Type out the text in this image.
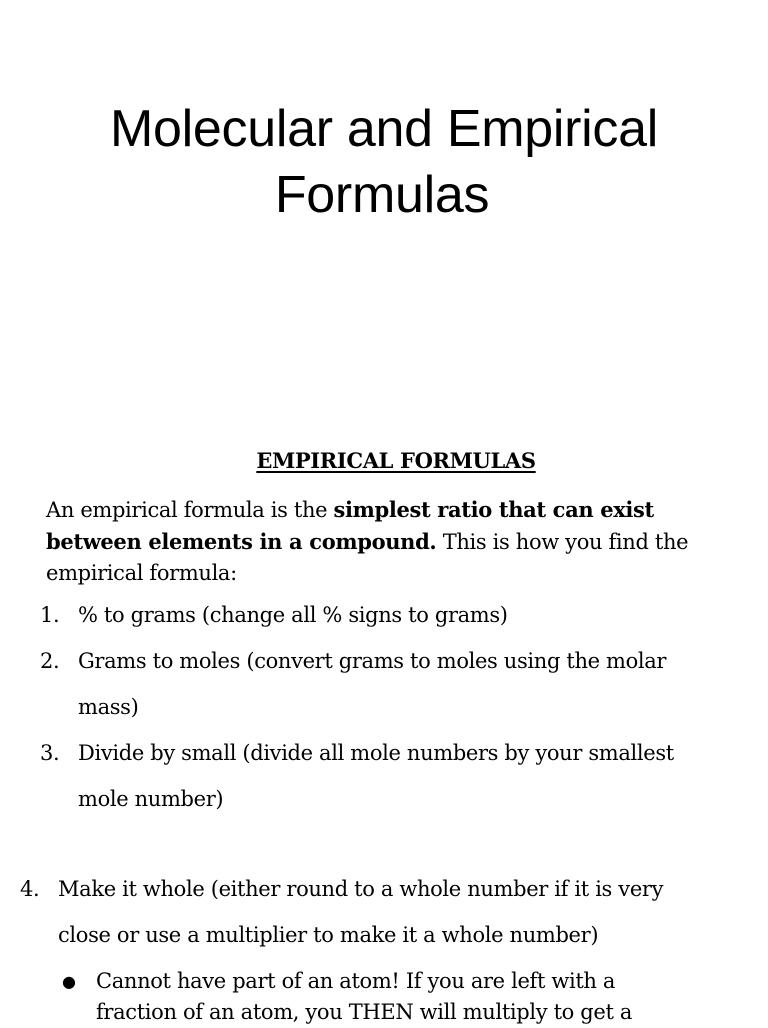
Molecular and Empirical
Formulas
EMPIRICAL FORMULAS

An empirical formula is the simplest ratio that can exist between elements in a compound. This is how you find the empirical formula:

1. % to grams (change all % signs to grams)
2. Grams to moles (convert grams to moles using the molar
mass)
3. Divide by small (divide all mole numbers by your smallest
mole number)
4. Make it whole (either round to a whole number if it is very
close or use a multiplier to make it a whole number)
● Cannot have part of an atom! If you are left with a
fraction of an atom, you THEN will multiply to get a
